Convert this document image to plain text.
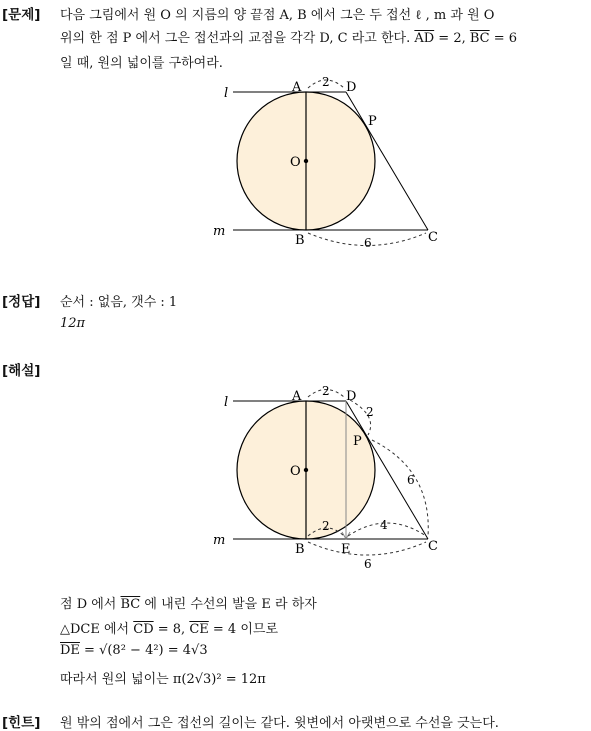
[문제] 다음 그림에서 원 O 의 지름의 양 끝점 A, B 에서 그은 두 접선 ℓ , m 과 원 O
위의 한 점 P 에서 그은 접선과의 교점을 각각 D, C 라고 한다. $\overline{AD} = 2$, $\overline{BC} = 6$
일 때, 원의 넓이를 구하여라.
l
m
A	D
P
O
B	C
2
6
[정답] 순서 : 없음, 갯수 : 1
12π
[해설]
l
m
A	D
P
O
B	E	C
2
2
6
2	4
6
점 D 에서 $\overline{BC}$ 에 내린 수선의 발을 E 라 하자
△DCE 에서 $\overline{CD} = 8$, $\overline{CE} = 4$ 이므로
$\overline{DE} = √(8^2 - 4^2) = 4√3$
따라서 원의 넓이는 π(2√3)² = 12π
[힌트] 원 밖의 점에서 그은 접선의 길이는 같다. 윗변에서 아랫변으로 수선을 긋는다.
